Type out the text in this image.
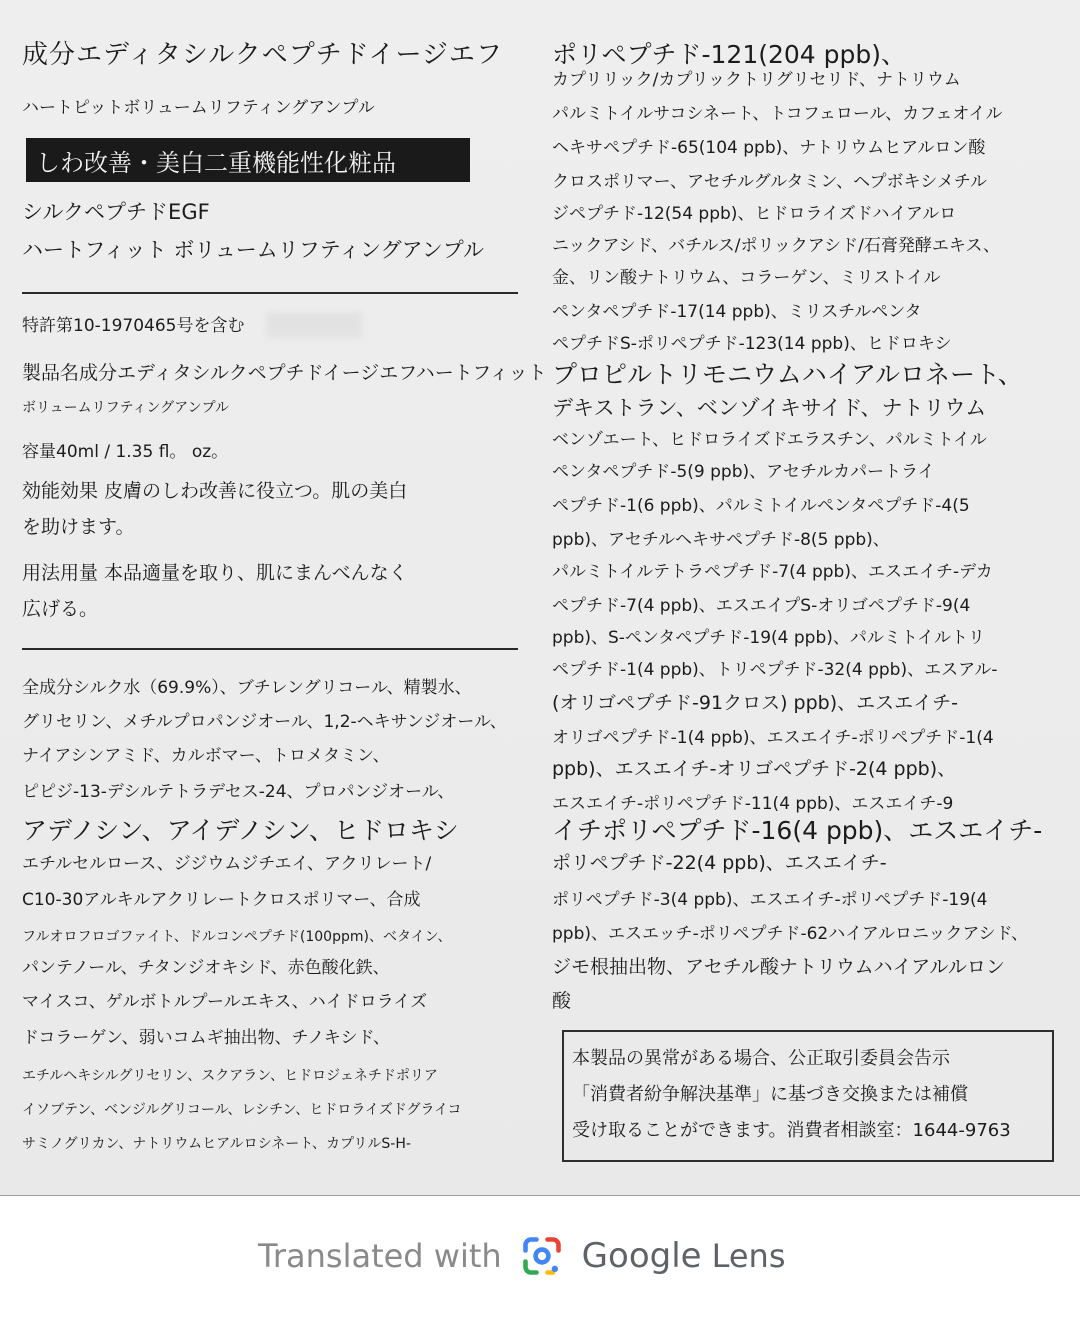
成分エディタシルクペプチドイージエフ
ハートピットボリュームリフティングアンプル
しわ改善・美白二重機能性化粧品
シルクペプチドEGF
ハートフィット ボリュームリフティングアンプル
特許第10-1970465号を含む
製品名成分エディタシルクペプチドイージエフハートフィット
ボリュームリフティングアンプル
容量40ml / 1.35 fl。 oz。
効能効果 皮膚のしわ改善に役立つ。肌の美白
を助けます。
用法用量 本品適量を取り、肌にまんべんなく
広げる。
全成分シルク水（69.9%）、ブチレングリコール、精製水、
グリセリン、メチルプロパンジオール、1,2-ヘキサンジオール、
ナイアシンアミド、カルボマー、トロメタミン、
ピピジ-13-デシルテトラデセス-24、プロパンジオール、
アデノシン、アイデノシン、ヒドロキシ
エチルセルロース、ジジウムジチエイ、アクリレート/
C10-30アルキルアクリレートクロスポリマー、合成
フルオロフロゴファイト、ドルコンペプチド(100ppm)、ベタイン、
パンテノール、チタンジオキシド、赤色酸化鉄、
マイスコ、ゲルボトルプールエキス、ハイドロライズ
ドコラーゲン、弱いコムギ抽出物、チノキシド、
エチルヘキシルグリセリン、スクアラン、ヒドロジェネチドポリア
イソブテン、ベンジルグリコール、レシチン、ヒドロライズドグライコ
サミノグリカン、ナトリウムヒアルロシネート、カプリルS-H-
ポリペプチド-121(204 ppb)、
カプリリック/カプリックトリグリセリド、ナトリウム
パルミトイルサコシネート、トコフェロール、カフェオイル
ヘキサペプチド-65(104 ppb)、ナトリウムヒアルロン酸
クロスポリマー、アセチルグルタミン、ヘプボキシメチル
ジペプチド-12(54 ppb)、ヒドロライズドハイアルロ
ニックアシド、バチルス/ポリックアシド/石膏発酵エキス、
金、リン酸ナトリウム、コラーゲン、ミリストイル
ペンタペプチド-17(14 ppb)、ミリスチルペンタ
ペプチドS-ポリペプチド-123(14 ppb)、ヒドロキシ
プロピルトリモニウムハイアルロネート、
デキストラン、ベンゾイキサイド、ナトリウム
ベンゾエート、ヒドロライズドエラスチン、パルミトイル
ペンタペプチド-5(9 ppb)、アセチルカパートライ
ペプチド-1(6 ppb)、パルミトイルペンタペプチド-4(5
ppb)、アセチルヘキサペプチド-8(5 ppb)、
パルミトイルテトラペプチド-7(4 ppb)、エスエイチ-デカ
ペプチド-7(4 ppb)、エスエイプS-オリゴペプチド-9(4
ppb)、S-ペンタペプチド-19(4 ppb)、パルミトイルトリ
ペプチド-1(4 ppb)、トリペプチド-32(4 ppb)、エスアル-
(オリゴペプチド-91クロス) ppb)、エスエイチ-
オリゴペプチド-1(4 ppb)、エスエイチ-ポリペプチド-1(4
ppb)、エスエイチ-オリゴペプチド-2(4 ppb)、
エスエイチ-ポリペプチド-11(4 ppb)、エスエイチ-9
イチポリペプチド-16(4 ppb)、エスエイチ-
ポリペプチド-22(4 ppb)、エスエイチ-
ポリペプチド-3(4 ppb)、エスエイチ-ポリペプチド-19(4
ppb)、エスエッチ-ポリペプチド-62ハイアルロニックアシド、
ジモ根抽出物、アセチル酸ナトリウムハイアルルロン
酸
本製品の異常がある場合、公正取引委員会告示
「消費者紛争解決基準」に基づき交換または補償
受け取ることができます。消費者相談室：1644-9763
Translated with Google Lens
